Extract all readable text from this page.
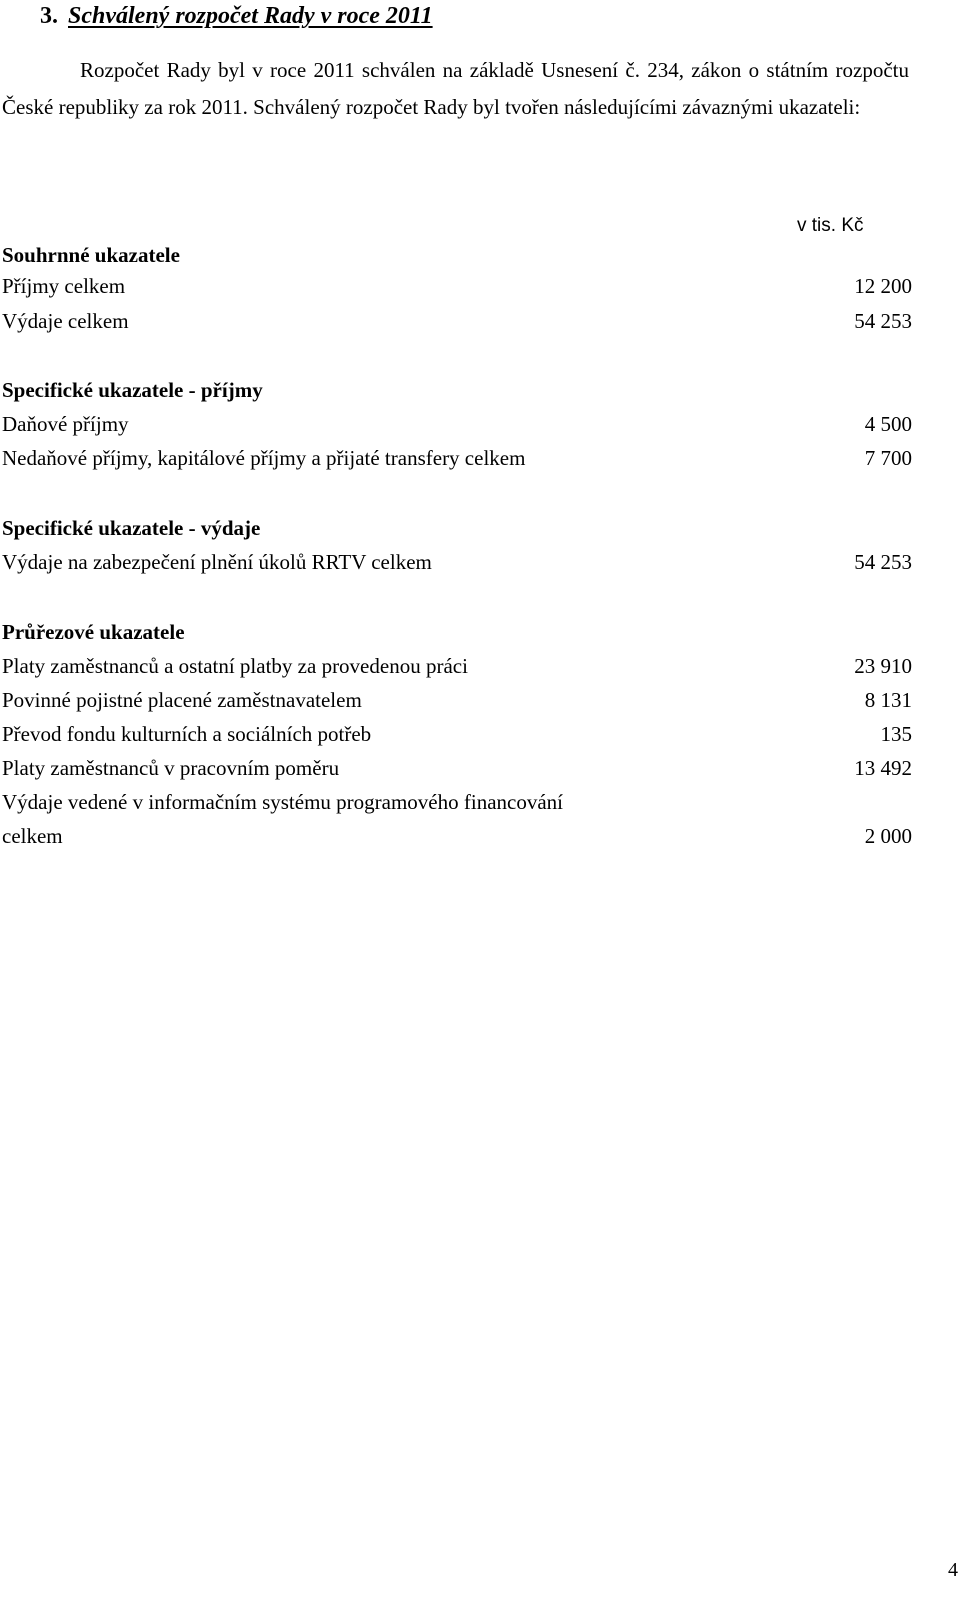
3. Schválený rozpočet Rady v roce 2011
Rozpočet Rady byl v roce 2011 schválen na základě Usnesení č. 234, zákon o státním rozpočtu České republiky za rok 2011. Schválený rozpočet Rady byl tvořen následujícími závaznými ukazateli:
v tis. Kč
Souhrnné ukazatele
Příjmy celkem	12 200
Výdaje celkem	54 253
Specifické ukazatele - příjmy
Daňové příjmy	4 500
Nedaňové příjmy, kapitálové příjmy a přijaté transfery celkem	7 700
Specifické ukazatele - výdaje
Výdaje na zabezpečení plnění úkolů RRTV celkem	54 253
Průřezové ukazatele
Platy zaměstnanců a ostatní platby za provedenou práci	23 910
Povinné pojistné placené zaměstnavatelem	8 131
Převod fondu kulturních a sociálních potřeb	135
Platy zaměstnanců v pracovním poměru	13 492
Výdaje vedené v informačním systému programového financování
celkem	2 000
4
